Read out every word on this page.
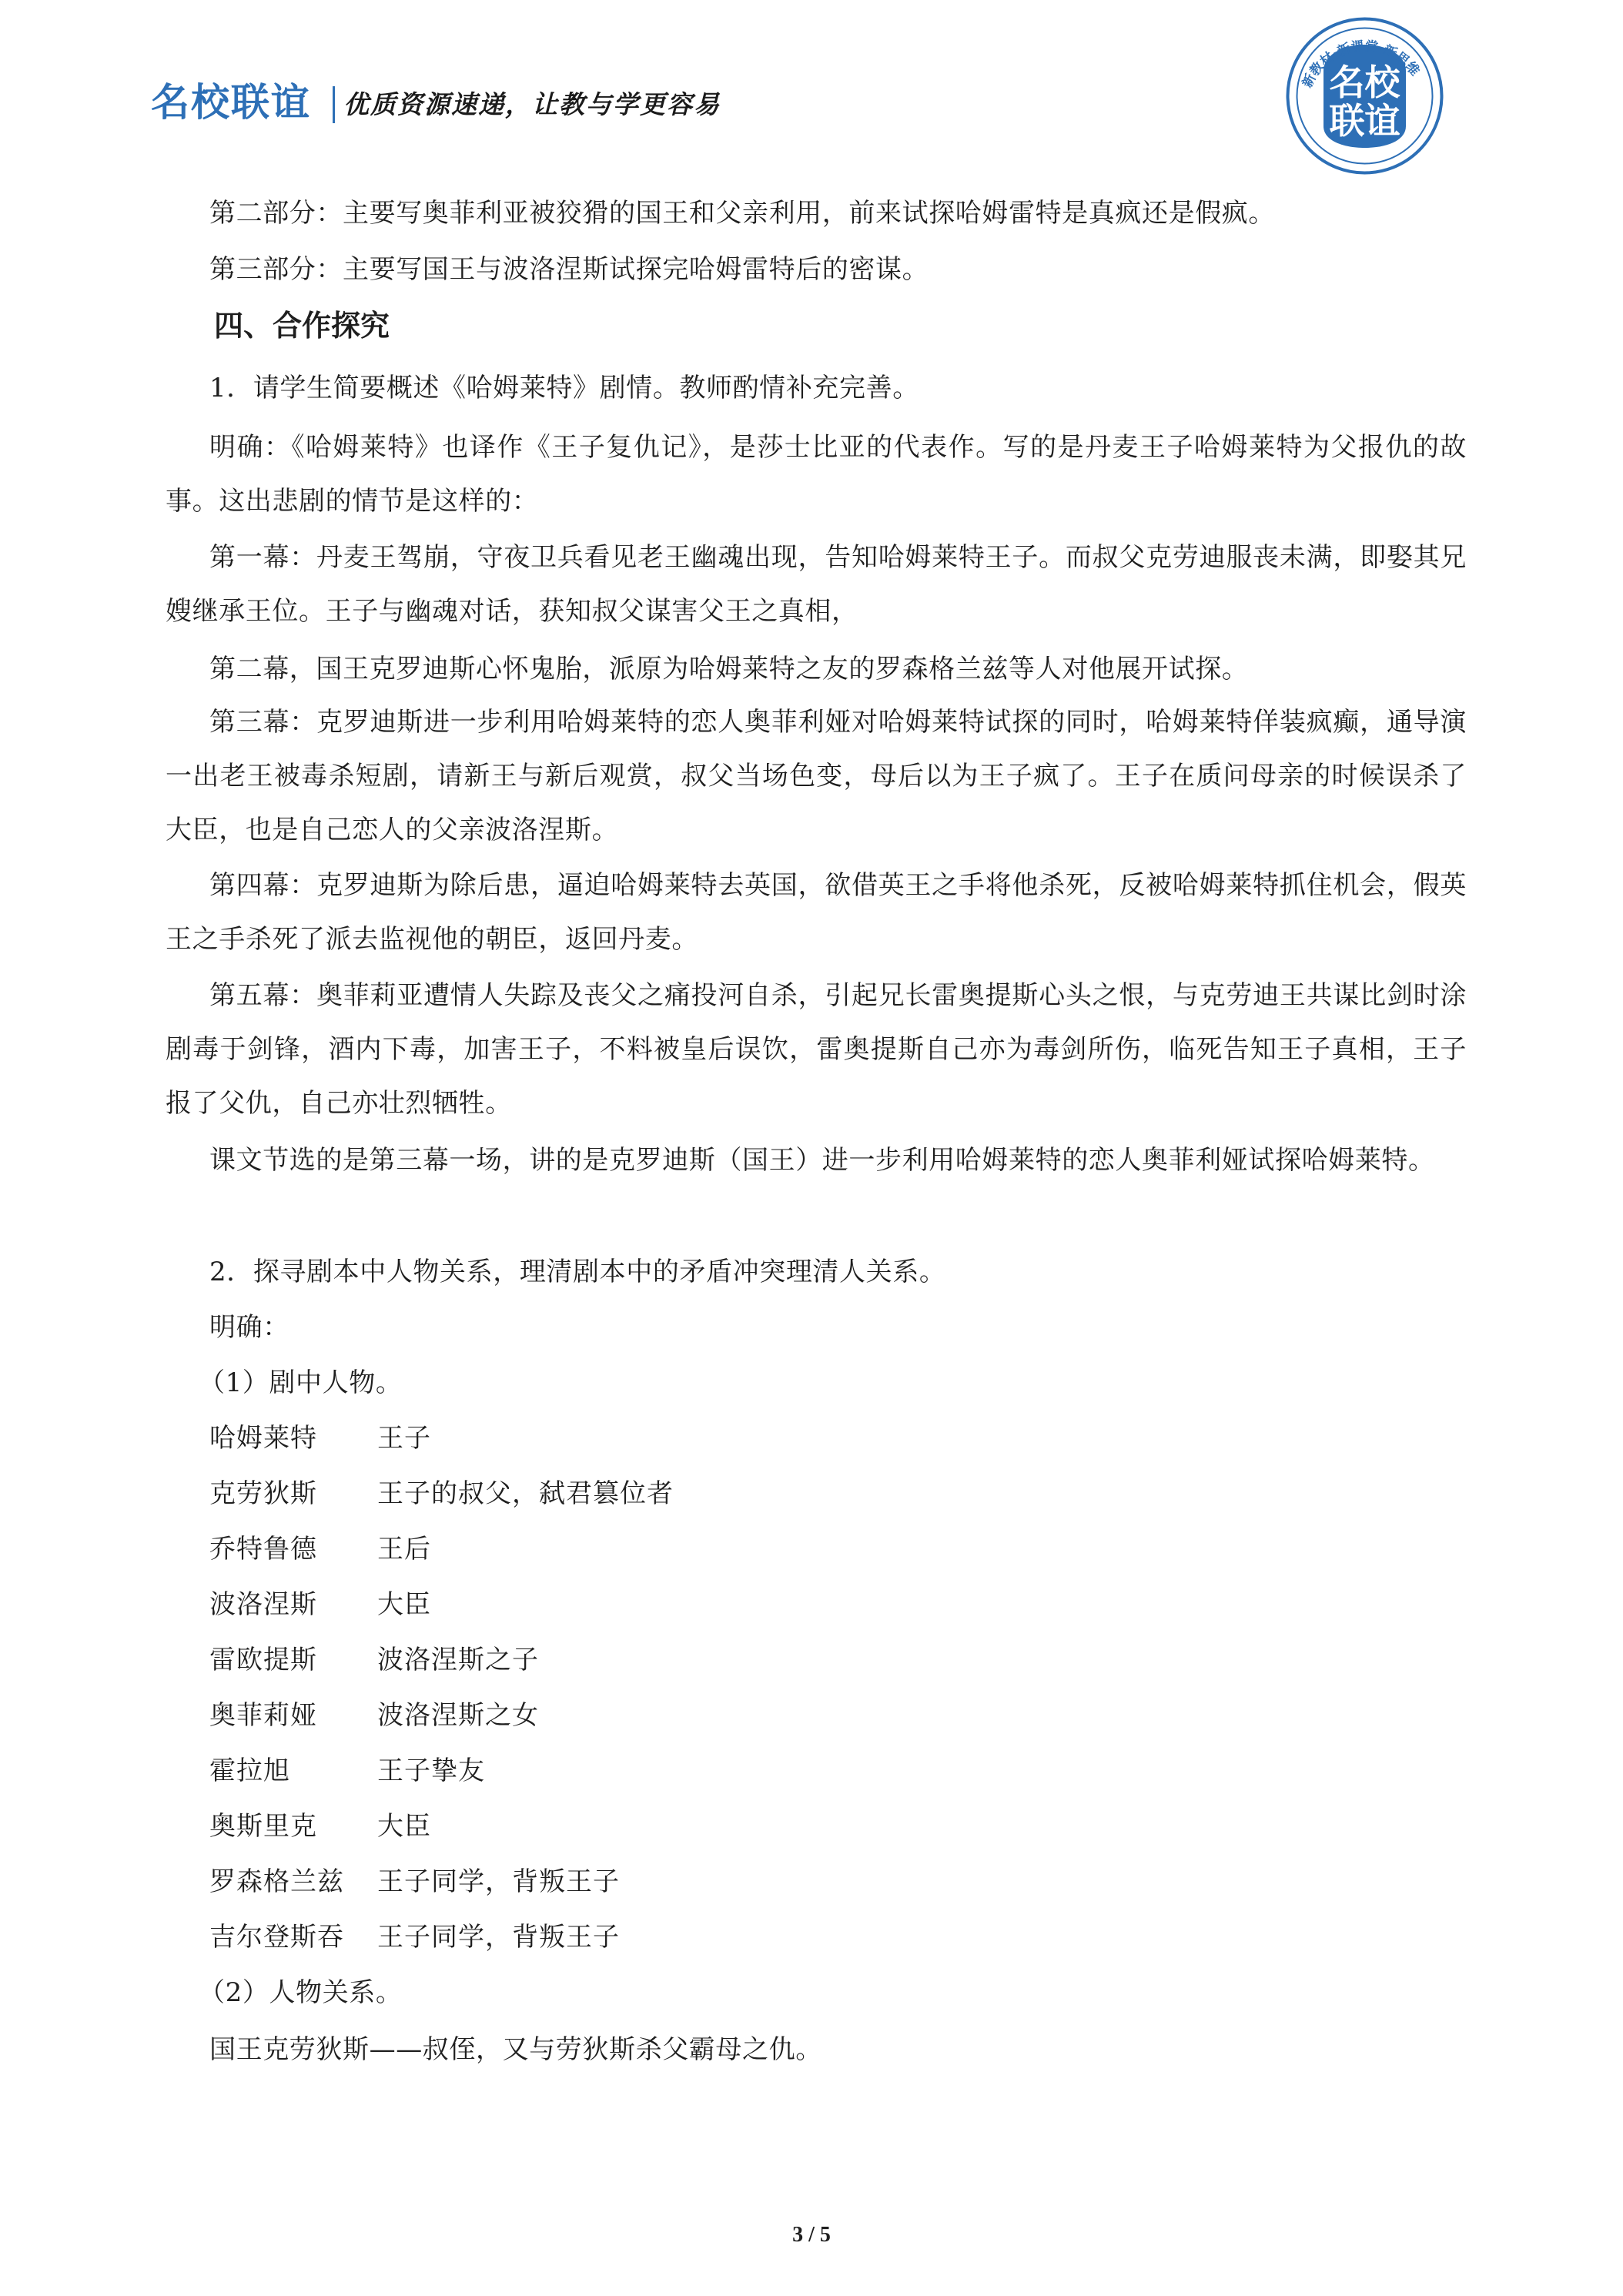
名校联谊 优质资源速递，让教与学更容易
新教材·新课堂·新思维
名校
联谊
第二部分：主要写奥菲利亚被狡猾的国王和父亲利用，前来试探哈姆雷特是真疯还是假疯。
第三部分：主要写国王与波洛涅斯试探完哈姆雷特后的密谋。
四、合作探究
1．请学生简要概述《哈姆莱特》剧情。教师酌情补充完善。
明确：《哈姆莱特》也译作《王子复仇记》，是莎士比亚的代表作。写的是丹麦王子哈姆莱特为父报仇的故事。这出悲剧的情节是这样的：
第一幕：丹麦王驾崩，守夜卫兵看见老王幽魂出现，告知哈姆莱特王子。而叔父克劳迪服丧未满，即娶其兄嫂继承王位。王子与幽魂对话，获知叔父谋害父王之真相，
第二幕，国王克罗迪斯心怀鬼胎，派原为哈姆莱特之友的罗森格兰兹等人对他展开试探。
第三幕：克罗迪斯进一步利用哈姆莱特的恋人奥菲利娅对哈姆莱特试探的同时，哈姆莱特佯装疯癫，通导演一出老王被毒杀短剧，请新王与新后观赏，叔父当场色变，母后以为王子疯了。王子在质问母亲的时候误杀了大臣，也是自己恋人的父亲波洛涅斯。
第四幕：克罗迪斯为除后患，逼迫哈姆莱特去英国，欲借英王之手将他杀死，反被哈姆莱特抓住机会，假英王之手杀死了派去监视他的朝臣，返回丹麦。
第五幕：奥菲莉亚遭情人失踪及丧父之痛投河自杀，引起兄长雷奥提斯心头之恨，与克劳迪王共谋比剑时涂剧毒于剑锋，酒内下毒，加害王子，不料被皇后误饮，雷奥提斯自己亦为毒剑所伤，临死告知王子真相，王子报了父仇，自己亦壮烈牺牲。
课文节选的是第三幕一场，讲的是克罗迪斯（国王）进一步利用哈姆莱特的恋人奥菲利娅试探哈姆莱特。
2．探寻剧本中人物关系，理清剧本中的矛盾冲突理清人关系。
明确：
（1）剧中人物。
哈姆莱特 王子
克劳狄斯 王子的叔父，弑君篡位者
乔特鲁德 王后
波洛涅斯 大臣
雷欧提斯 波洛涅斯之子
奥菲莉娅 波洛涅斯之女
霍拉旭	王子挚友
奥斯里克 大臣
罗森格兰兹 王子同学，背叛王子
吉尔登斯吞 王子同学，背叛王子
（2）人物关系。
国王克劳狄斯——叔侄，又与劳狄斯杀父霸母之仇。
3 / 5
